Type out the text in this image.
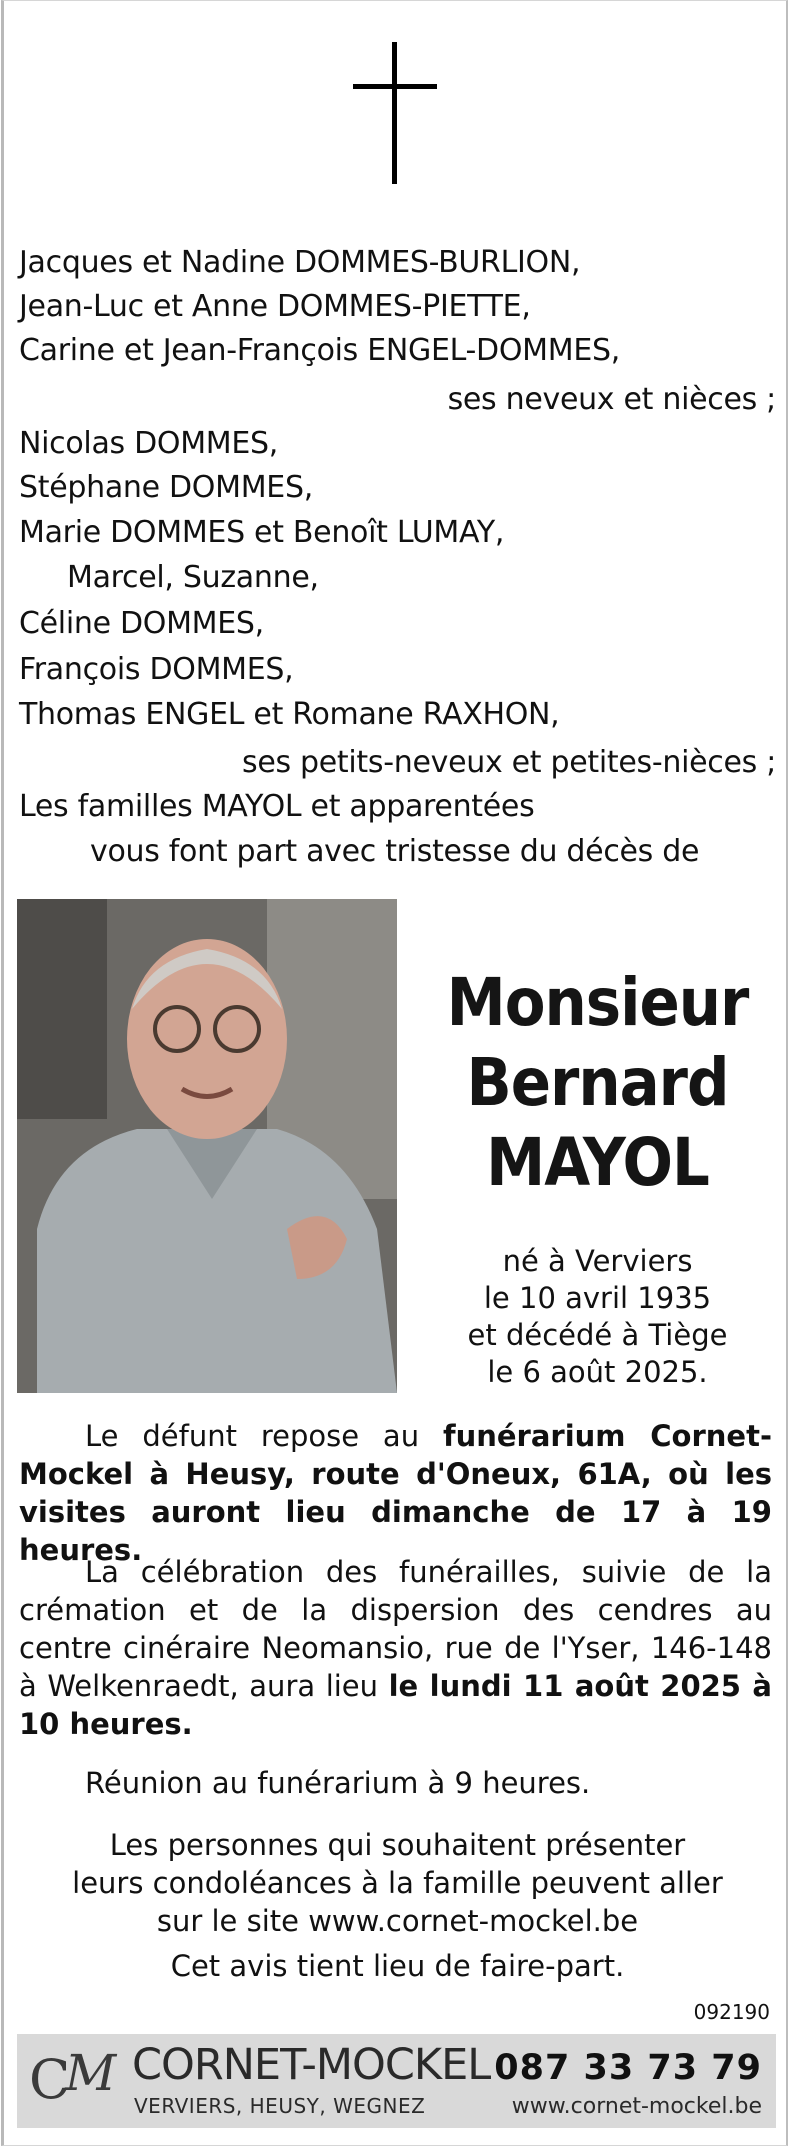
Jacques et Nadine DOMMES-BURLION,
Jean-Luc et Anne DOMMES-PIETTE,
Carine et Jean-François ENGEL-DOMMES,
ses neveux et nièces ;
Nicolas DOMMES,
Stéphane DOMMES,
Marie DOMMES et Benoît LUMAY,
Marcel, Suzanne,
Céline DOMMES,
François DOMMES,
Thomas ENGEL et Romane RAXHON,
ses petits-neveux et petites-nièces ;
Les familles MAYOL et apparentées
vous font part avec tristesse du décès de
Monsieur
Bernard
MAYOL
né à Verviers
le 10 avril 1935
et décédé à Tiège
le 6 août 2025.
Le défunt repose au funérarium Cornet-Mockel à Heusy, route d'Oneux, 61A, où les visites auront lieu dimanche de 17 à 19 heures.
La célébration des funérailles, suivie de la crémation et de la dispersion des cendres au centre cinéraire Neomansio, rue de l'Yser, 146-148 à Welkenraedt, aura lieu le lundi 11 août 2025 à 10 heures.
Réunion au funérarium à 9 heures.
Les personnes qui souhaitent présenter
leurs condoléances à la famille peuvent aller
sur le site www.cornet-mockel.be
Cet avis tient lieu de faire-part.
092190
C
M CORNET-MOCKEL
VERVIERS, HEUSY, WEGNEZ
087 33 73 79
www.cornet-mockel.be
